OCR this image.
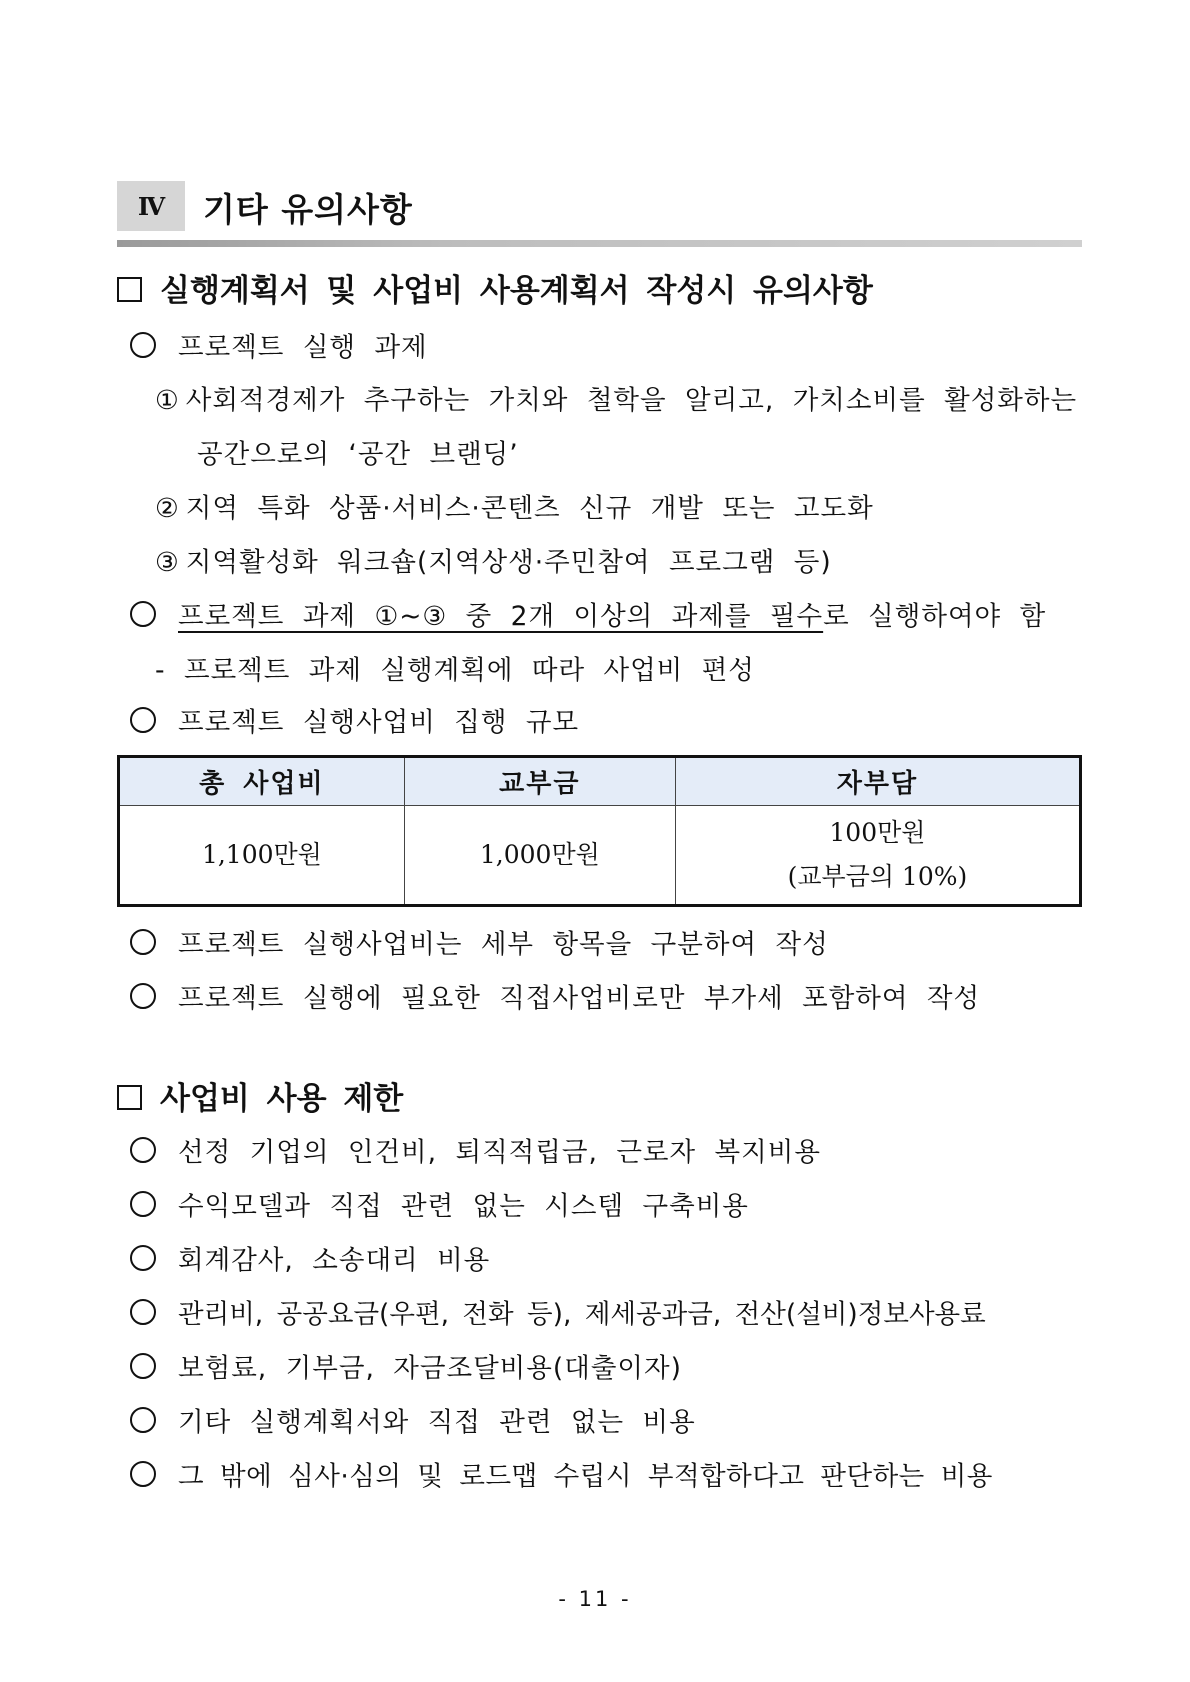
Ⅳ	기타 유의사항
실행계획서 및 사업비 사용계획서 작성시 유의사항
프로젝트 실행 과제
① 사회적경제가 추구하는 가치와 철학을 알리고, 가치소비를 활성화하는
공간으로의 ‘공간 브랜딩’
② 지역 특화 상품·서비스·콘텐츠 신규 개발 또는 고도화
③ 지역활성화 워크숍(지역상생·주민참여 프로그램 등)
프로젝트 과제 ①~③ 중 2개 이상의 과제를 필수로 실행하여야 함
- 프로젝트 과제 실행계획에 따라 사업비 편성
프로젝트 실행사업비 집행 규모
총 사업비	교부금	자부담
1,100만원	1,000만원	100만원
(교부금의 10%)
프로젝트 실행사업비는 세부 항목을 구분하여 작성
프로젝트 실행에 필요한 직접사업비로만 부가세 포함하여 작성
사업비 사용 제한
선정 기업의 인건비, 퇴직적립금, 근로자 복지비용
수익모델과 직접 관련 없는 시스템 구축비용
회계감사, 소송대리 비용
관리비, 공공요금(우편, 전화 등), 제세공과금, 전산(설비)정보사용료
보험료, 기부금, 자금조달비용(대출이자)
기타 실행계획서와 직접 관련 없는 비용
그 밖에 심사·심의 및 로드맵 수립시 부적합하다고 판단하는 비용
- 11 -
